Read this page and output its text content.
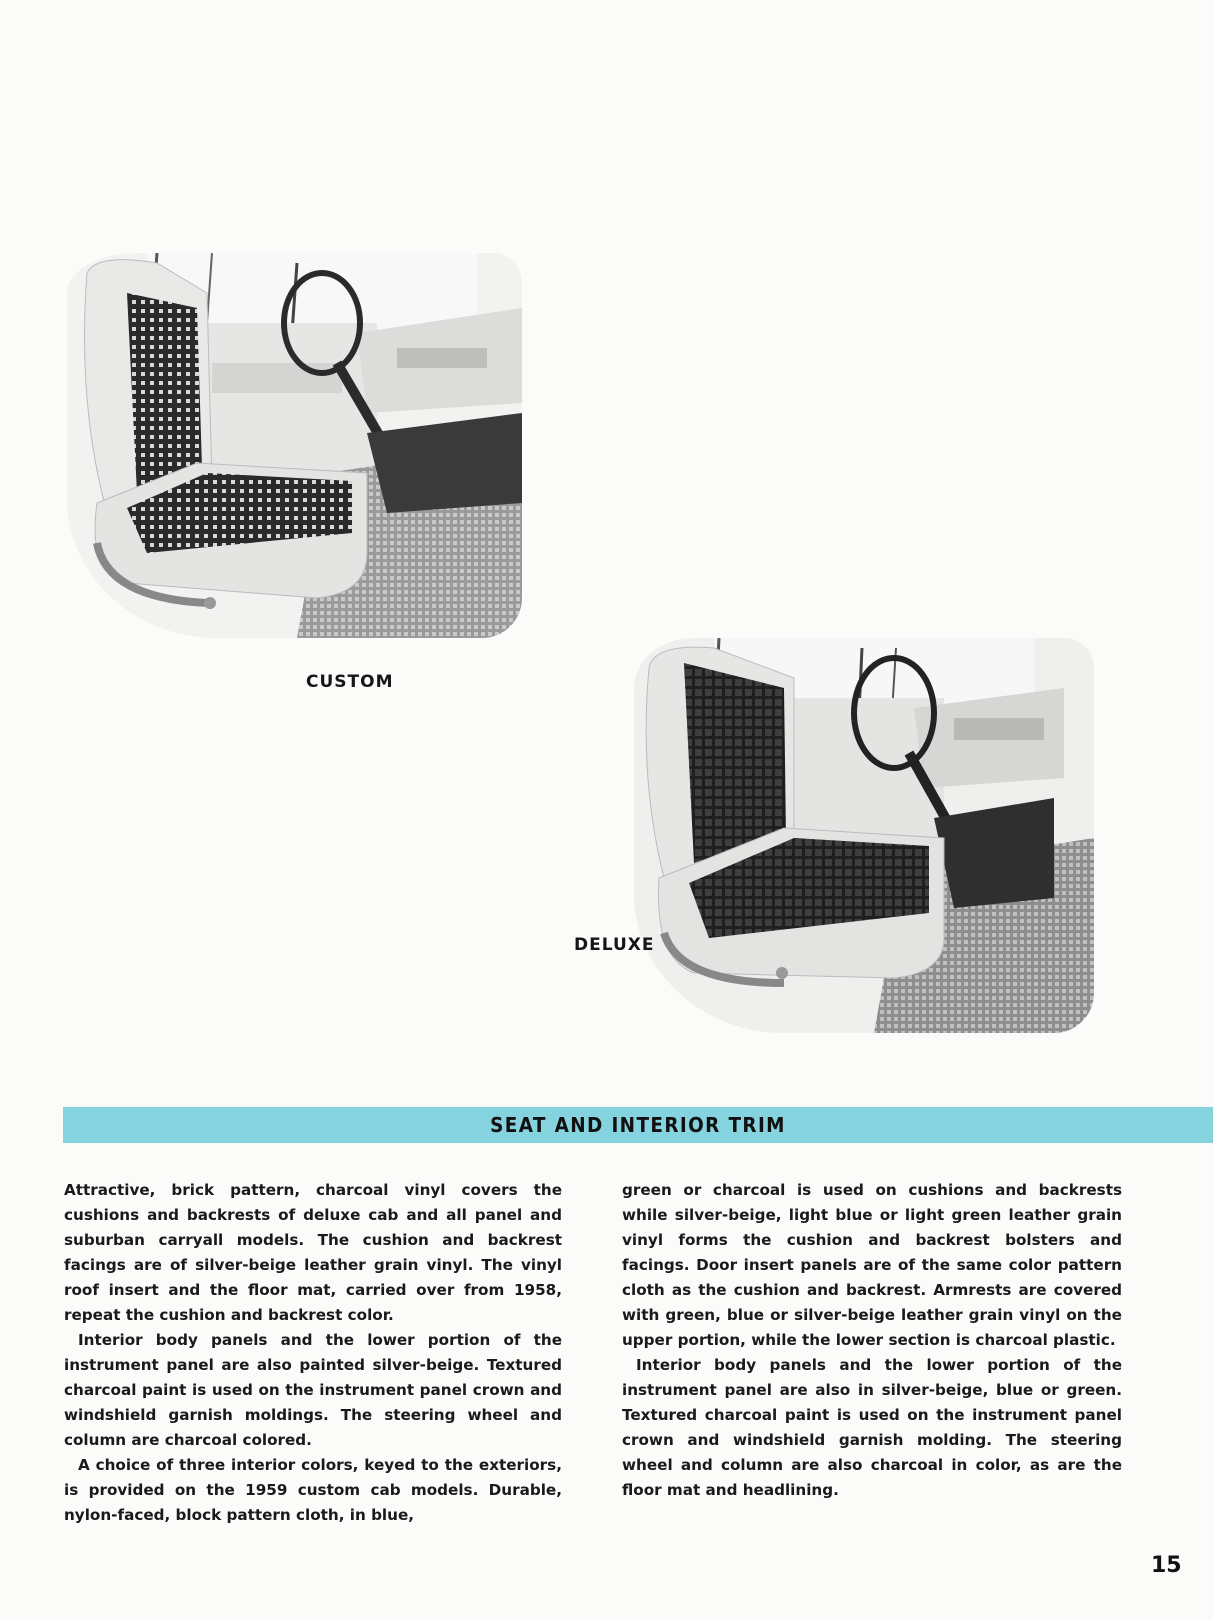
CUSTOM
DELUXE
SEAT AND INTERIOR TRIM

Attractive, brick pattern, charcoal vinyl covers the cushions and backrests of deluxe cab and all panel and suburban carryall models. The cushion and backrest facings are of silver-beige leather grain vinyl. The vinyl roof insert and the floor mat, carried over from 1958, repeat the cushion and backrest color.

Interior body panels and the lower portion of the instrument panel are also painted silver-beige. Textured charcoal paint is used on the instrument panel crown and windshield garnish moldings. The steering wheel and column are charcoal colored.

A choice of three interior colors, keyed to the exteriors, is provided on the 1959 custom cab models. Durable, nylon-faced, block pattern cloth, in blue,

green or charcoal is used on cushions and backrests while silver-beige, light blue or light green leather grain vinyl forms the cushion and backrest bolsters and facings. Door insert panels are of the same color pattern cloth as the cushion and backrest. Armrests are covered with green, blue or silver-beige leather grain vinyl on the upper portion, while the lower section is charcoal plastic.

Interior body panels and the lower portion of the instrument panel are also in silver-beige, blue or green. Textured charcoal paint is used on the instrument panel crown and windshield garnish molding. The steering wheel and column are also charcoal in color, as are the floor mat and headlining.

15
